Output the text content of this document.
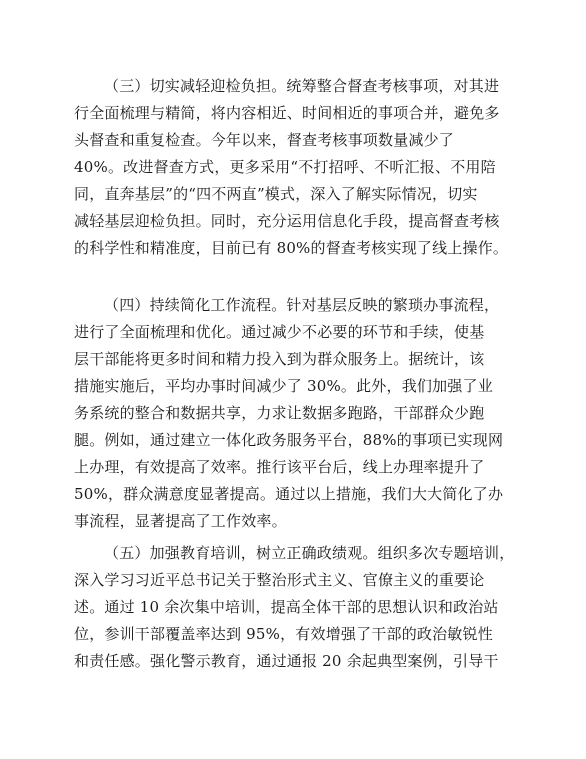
（三）切实减轻迎检负担。统筹整合督查考核事项，对其进
行全面梳理与精简，将内容相近、时间相近的事项合并，避免多
头督查和重复检查。今年以来，督查考核事项数量减少了
40%。改进督查方式，更多采用“不打招呼、不听汇报、不用陪
同，直奔基层”的“四不两直”模式，深入了解实际情况，切实
减轻基层迎检负担。同时，充分运用信息化手段，提高督查考核
的科学性和精准度，目前已有 80%的督查考核实现了线上操作。
（四）持续简化工作流程。针对基层反映的繁琐办事流程，
进行了全面梳理和优化。通过减少不必要的环节和手续，使基
层干部能将更多时间和精力投入到为群众服务上。据统计，该
措施实施后，平均办事时间减少了 30%。此外，我们加强了业
务系统的整合和数据共享，力求让数据多跑路，干部群众少跑
腿。例如，通过建立一体化政务服务平台，88%的事项已实现网
上办理，有效提高了效率。推行该平台后，线上办理率提升了
50%，群众满意度显著提高。通过以上措施，我们大大简化了办
事流程，显著提高了工作效率。
（五）加强教育培训，树立正确政绩观。组织多次专题培训，
深入学习习近平总书记关于整治形式主义、官僚主义的重要论
述。通过 10 余次集中培训，提高全体干部的思想认识和政治站
位，参训干部覆盖率达到 95%，有效增强了干部的政治敏锐性
和责任感。强化警示教育，通过通报 20 余起典型案例，引导干
